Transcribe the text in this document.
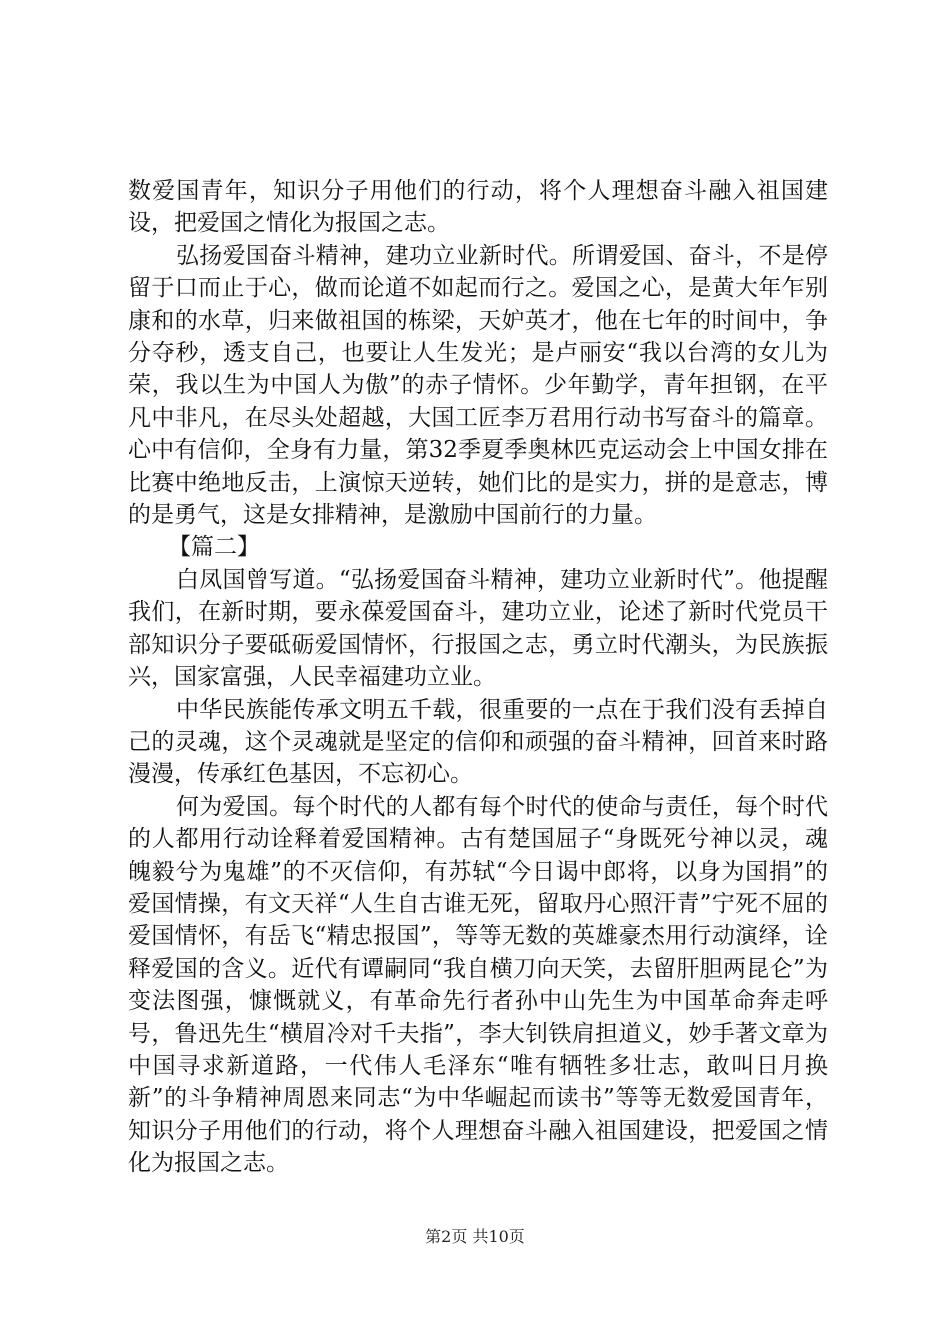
数爱国青年，知识分子用他们的行动，将个人理想奋斗融入祖国建设，把爱国之情化为报国之志。

弘扬爱国奋斗精神，建功立业新时代。所谓爱国、奋斗，不是停留于口而止于心，做而论道不如起而行之。爱国之心，是黄大年乍别康和的水草，归来做祖国的栋梁，天妒英才，他在七年的时间中，争分夺秒，透支自己，也要让人生发光；是卢丽安“我以台湾的女儿为荣，我以生为中国人为傲”的赤子情怀。少年勤学，青年担钢，在平凡中非凡，在尽头处超越，大国工匠李万君用行动书写奋斗的篇章。心中有信仰，全身有力量，第32季夏季奥林匹克运动会上中国女排在比赛中绝地反击，上演惊天逆转，她们比的是实力，拼的是意志，博的是勇气，这是女排精神，是激励中国前行的力量。

【篇二】

白凤国曾写道。“弘扬爱国奋斗精神，建功立业新时代”。他提醒我们，在新时期，要永葆爱国奋斗，建功立业，论述了新时代党员干部知识分子要砥砺爱国情怀，行报国之志，勇立时代潮头，为民族振兴，国家富强，人民幸福建功立业。

中华民族能传承文明五千载，很重要的一点在于我们没有丢掉自己的灵魂，这个灵魂就是坚定的信仰和顽强的奋斗精神，回首来时路漫漫，传承红色基因，不忘初心。

何为爱国。每个时代的人都有每个时代的使命与责任，每个时代的人都用行动诠释着爱国精神。古有楚国屈子“身既死兮神以灵，魂魄毅兮为鬼雄”的不灭信仰，有苏轼“今日谒中郎将，以身为国捐”的爱国情操，有文天祥“人生自古谁无死，留取丹心照汗青”宁死不屈的爱国情怀，有岳飞“精忠报国”，等等无数的英雄豪杰用行动演绎，诠释爱国的含义。近代有谭嗣同“我自横刀向天笑，去留肝胆两昆仑”为变法图强，慷慨就义，有革命先行者孙中山先生为中国革命奔走呼号，鲁迅先生“横眉冷对千夫指”，李大钊铁肩担道义，妙手著文章为中国寻求新道路，一代伟人毛泽东“唯有牺牲多壮志，敢叫日月换新”的斗争精神周恩来同志“为中华崛起而读书”等等无数爱国青年，知识分子用他们的行动，将个人理想奋斗融入祖国建设，把爱国之情化为报国之志。

第2页 共10页
